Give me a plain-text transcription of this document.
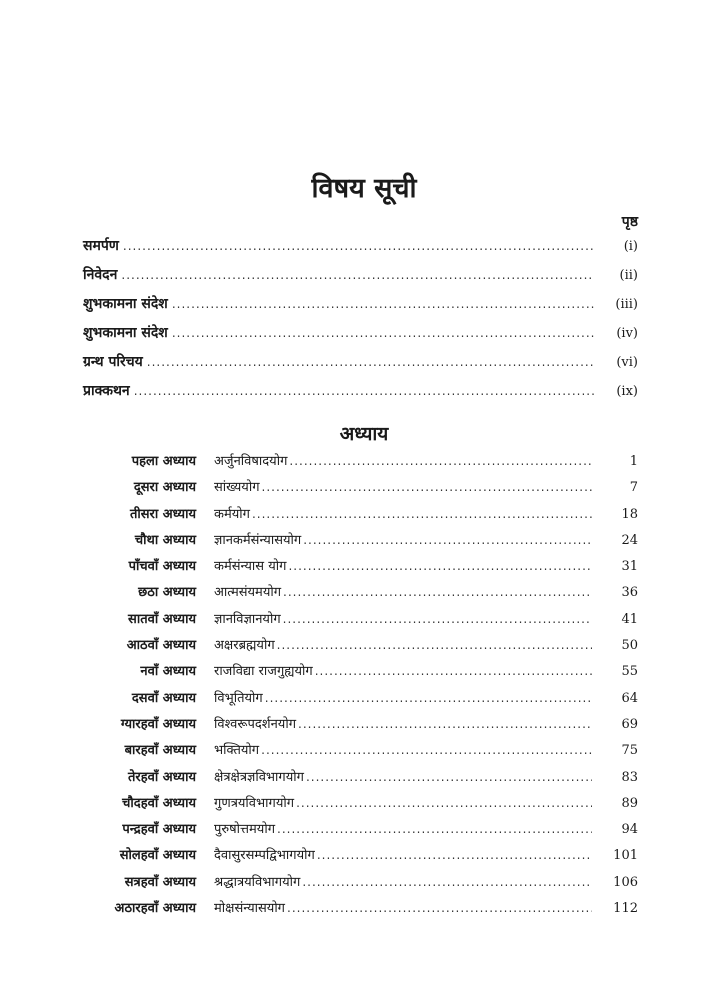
विषय सूची
पृष्ठ
समर्पण .....	(i)
निवेदन .....	(ii)
शुभकामना संदेश .....	(iii)
शुभकामना संदेश .....	(iv)
ग्रन्थ परिचय .....	(vi)
प्राक्कथन .....	(ix)
अध्याय
पहला अध्याय	अर्जुनविषादयोग .....	1
दूसरा अध्याय	सांख्ययोग .....	7
तीसरा अध्याय	कर्मयोग .....	18
चौथा अध्याय	ज्ञानकर्मसंन्यासयोग .....	24
पाँचवाँ अध्याय	कर्मसंन्यास योग .....	31
छठा अध्याय	आत्मसंयमयोग .....	36
सातवाँ अध्याय	ज्ञानविज्ञानयोग .....	41
आठवाँ अध्याय	अक्षरब्रह्मयोग .....	50
नवाँ अध्याय	राजविद्या राजगुह्ययोग .....	55
दसवाँ अध्याय	विभूतियोग .....	64
ग्यारहवाँ अध्याय	विश्वरूपदर्शनयोग .....	69
बारहवाँ अध्याय	भक्तियोग .....	75
तेरहवाँ अध्याय	क्षेत्रक्षेत्रज्ञविभागयोग .....	83
चौदहवाँ अध्याय	गुणत्रयविभागयोग .....	89
पन्द्रहवाँ अध्याय	पुरुषोत्तमयोग .....	94
सोलहवाँ अध्याय	दैवासुरसम्पद्विभागयोग .....	101
सत्रहवाँ अध्याय	श्रद्धात्रयविभागयोग .....	106
अठारहवाँ अध्याय	मोक्षसंन्यासयोग .....	112
